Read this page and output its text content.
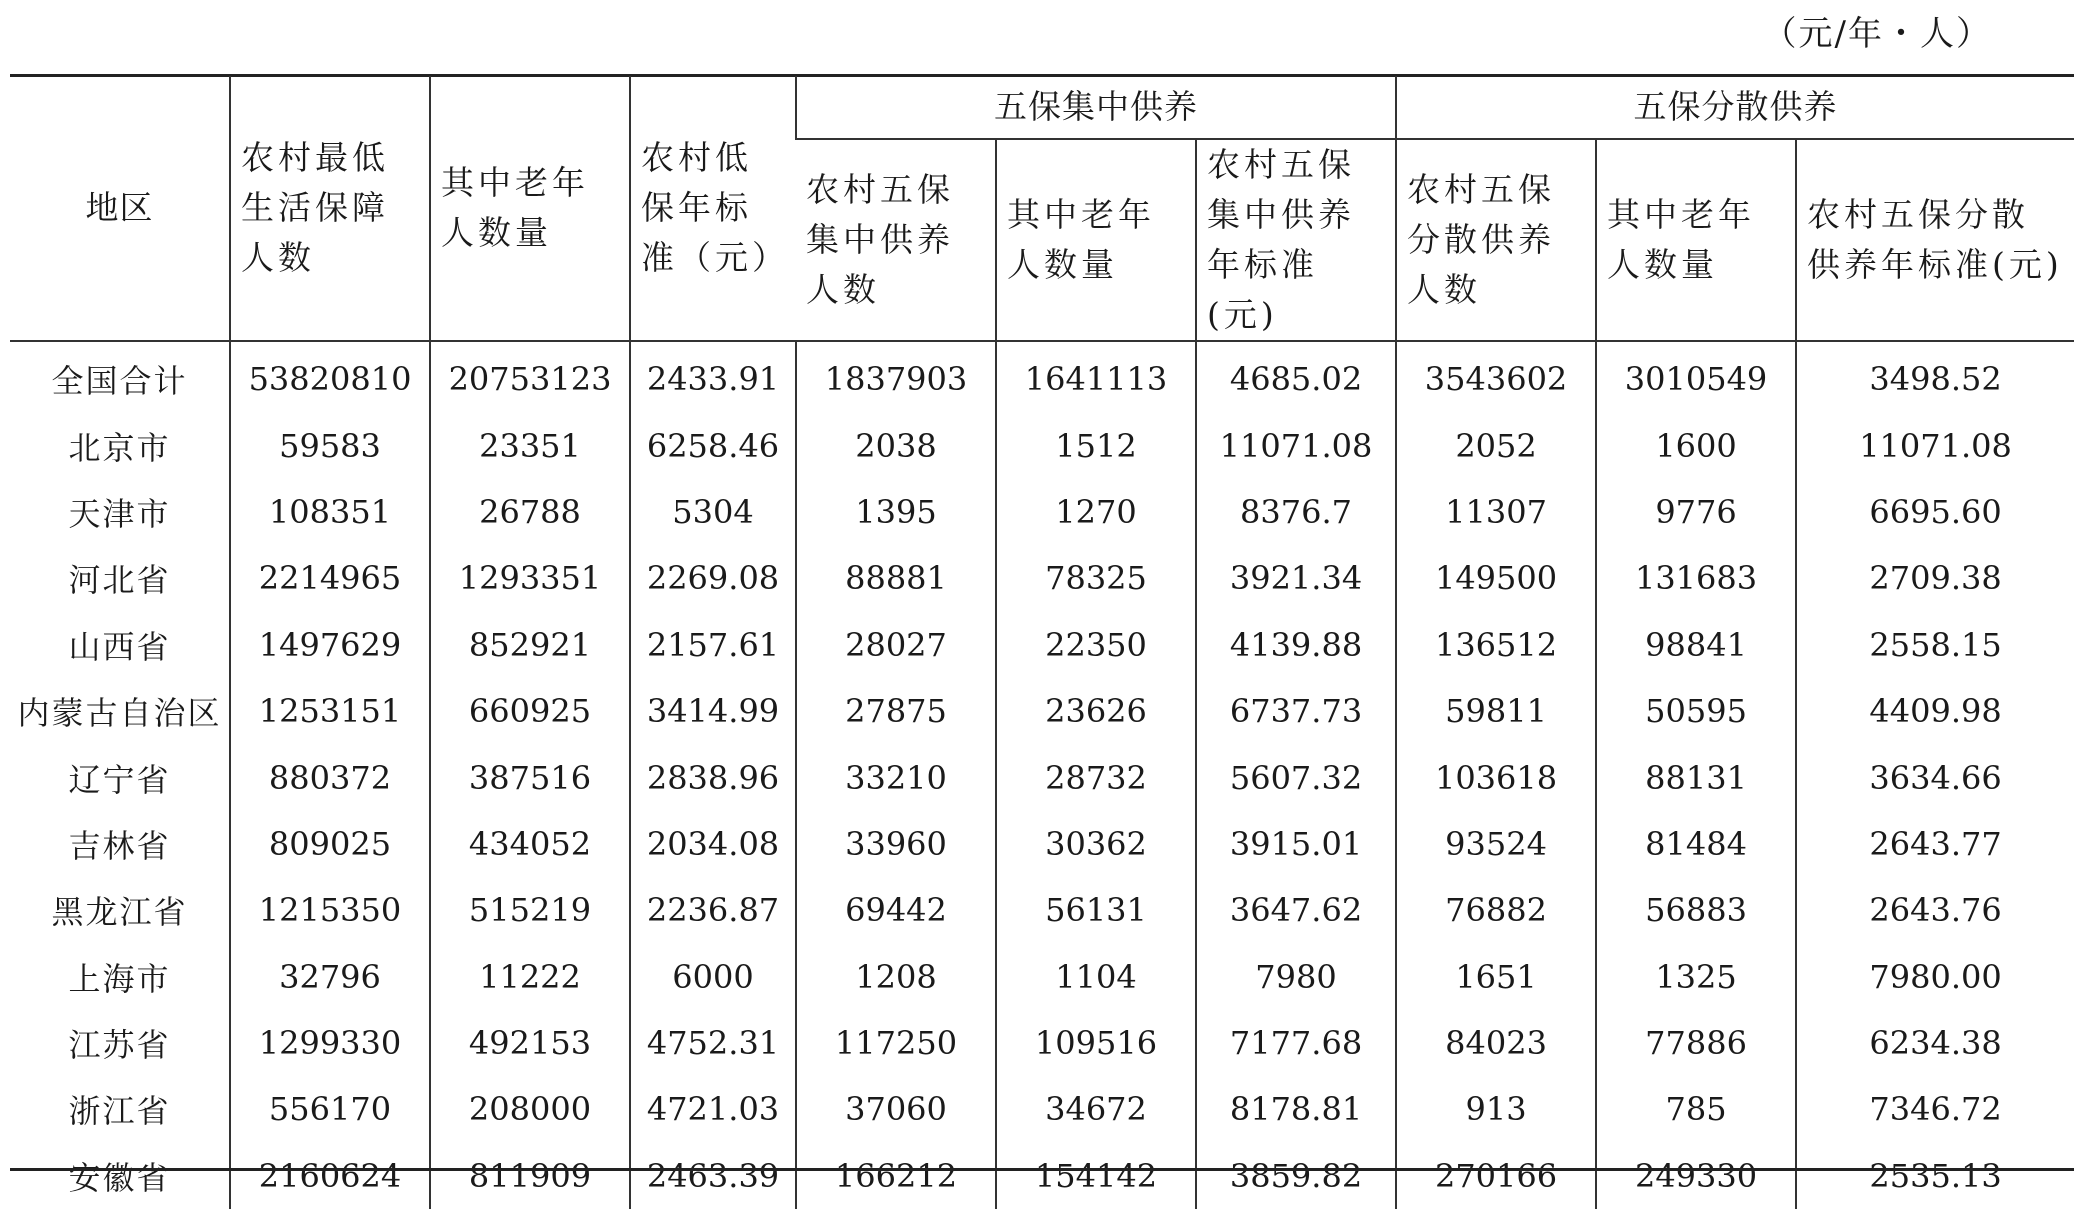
（元/年・人）
地区	农村最低生活保障人数	其中老年人数量	农村低保年标准（元）	五保集中供养			五保分散供养		
				农村五保集中供养人数	其中老年人数量	农村五保集中供养年标准(元)	农村五保分散供养人数	其中老年人数量	农村五保分散供养年标准(元)
全国合计	53820810	20753123	2433.91	1837903	1641113	4685.02	3543602	3010549	3498.52
北京市	59583	23351	6258.46	2038	1512	11071.08	2052	1600	11071.08
天津市	108351	26788	5304	1395	1270	8376.7	11307	9776	6695.60
河北省	2214965	1293351	2269.08	88881	78325	3921.34	149500	131683	2709.38
山西省	1497629	852921	2157.61	28027	22350	4139.88	136512	98841	2558.15
内蒙古自治区	1253151	660925	3414.99	27875	23626	6737.73	59811	50595	4409.98
辽宁省	880372	387516	2838.96	33210	28732	5607.32	103618	88131	3634.66
吉林省	809025	434052	2034.08	33960	30362	3915.01	93524	81484	2643.77
黑龙江省	1215350	515219	2236.87	69442	56131	3647.62	76882	56883	2643.76
上海市	32796	11222	6000	1208	1104	7980	1651	1325	7980.00
江苏省	1299330	492153	4752.31	117250	109516	7177.68	84023	77886	6234.38
浙江省	556170	208000	4721.03	37060	34672	8178.81	913	785	7346.72
安徽省	2160624	811909	2463.39	166212	154142	3859.82	270166	249330	2535.13
